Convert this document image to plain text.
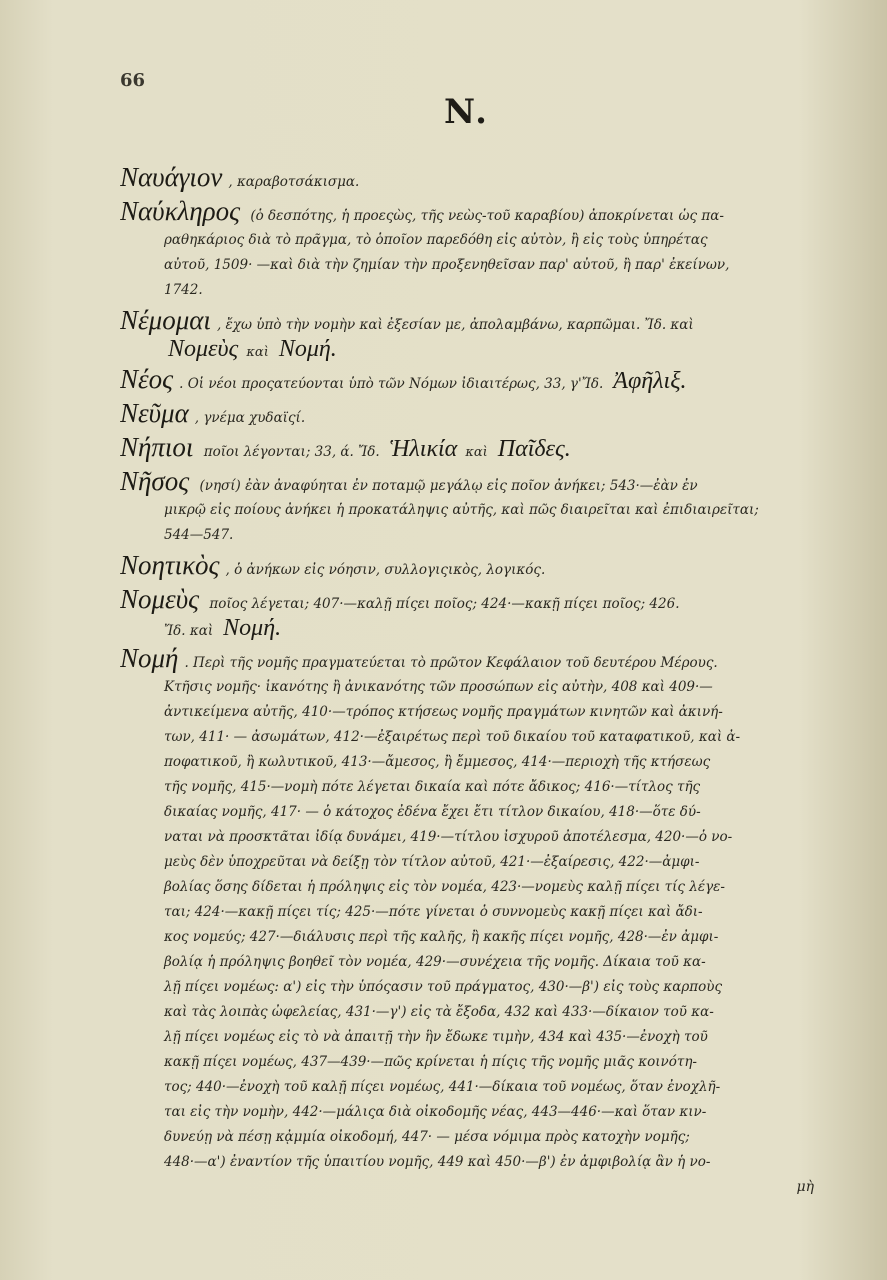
66
Ν.
Ναυάγιον , καραβοτσάκισμα.
Ναύκληρος (ὁ δεσπότης, ἡ προεςὼς, τῆς νεὼς-τοῦ καραβίου) ἀποκρίνεται ὡς πα-
ραθηκάριος διὰ τὸ πρᾶγμα, τὸ ὁποῖον παρεδόθη εἰς αὐτὸν, ἢ εἰς τοὺς ὑπηρέτας
αὐτοῦ, 1509· —καὶ διὰ τὴν ζημίαν τὴν προξενηθεῖσαν παρ' αὐτοῦ, ἢ παρ' ἐκείνων,
1742.
Νέμομαι , ἔχω ὑπὸ τὴν νομὴν καὶ ἐξεσίαν με, ἀπολαμβάνω, καρπῶμαι. Ἴδ. καὶ
Νομεὺς καὶ Νομή.
Νέος . Οἱ νέοι προςατεύονται ὑπὸ τῶν Νόμων ἰδιαιτέρως, 33, γ'Ἴδ. Ἀφῆλιξ.
Νεῦμα , γνέμα χυδαϊςί.
Νήπιοι ποῖοι λέγονται; 33, ά. Ἴδ. Ἡλικία καὶ Παῖδες.
Νῆσος (νησί) ἐὰν ἀναφύηται ἐν ποταμῷ μεγάλῳ εἰς ποῖον ἀνήκει; 543·—ἐὰν ἐν
μικρῷ εἰς ποίους ἀνήκει ἡ προκατάληψις αὐτῆς, καὶ πῶς διαιρεῖται καὶ ἐπιδιαιρεῖται;
544—547.
Νοητικὸς , ὁ ἀνήκων εἰς νόησιν, συλλογιςικὸς, λογικός.
Νομεὺς ποῖος λέγεται; 407·—καλῇ πίςει ποῖος; 424·—κακῇ πίςει ποῖος; 426.
Ἴδ. καὶ Νομή.
Νομή . Περὶ τῆς νομῆς πραγματεύεται τὸ πρῶτον Κεφάλαιον τοῦ δευτέρου Μέρους.
Κτῆσις νομῆς· ἱκανότης ἢ ἀνικανότης τῶν προσώπων εἰς αὐτὴν, 408 καὶ 409·—
ἀντικείμενα αὐτῆς, 410·—τρόπος κτήσεως νομῆς πραγμάτων κινητῶν καὶ ἀκινή-
των, 411· — ἀσωμάτων, 412·—ἐξαιρέτως περὶ τοῦ δικαίου τοῦ καταφατικοῦ, καὶ ἀ-
ποφατικοῦ, ἢ κωλυτικοῦ, 413·—ἄμεσος, ἢ ἔμμεσος, 414·—περιοχὴ τῆς κτήσεως
τῆς νομῆς, 415·—νομὴ πότε λέγεται δικαία καὶ πότε ἄδικος; 416·—τίτλος τῆς
δικαίας νομῆς, 417· — ὁ κάτοχος ἐδένα ἔχει ἔτι τίτλον δικαίου, 418·—ὅτε δύ-
ναται νὰ προσκτᾶται ἰδίᾳ δυνάμει, 419·—τίτλου ἰσχυροῦ ἀποτέλεσμα, 420·—ὁ νο-
μεὺς δὲν ὑποχρεῦται νὰ δείξῃ τὸν τίτλον αὐτοῦ, 421·—ἐξαίρεσις, 422·—ἀμφι-
βολίας ὅσης δίδεται ἡ πρόληψις εἰς τὸν νομέα, 423·—νομεὺς καλῇ πίςει τίς λέγε-
ται; 424·—κακῇ πίςει τίς; 425·—πότε γίνεται ὁ συννομεὺς κακῇ πίςει καὶ ἄδι-
κος νομεύς; 427·—διάλυσις περὶ τῆς καλῆς, ἢ κακῆς πίςει νομῆς, 428·—ἐν ἀμφι-
βολίᾳ ἡ πρόληψις βοηθεῖ τὸν νομέα, 429·—συνέχεια τῆς νομῆς. Δίκαια τοῦ κα-
λῇ πίςει νομέως: α') εἰς τὴν ὑπόςασιν τοῦ πράγματος, 430·—β') εἰς τοὺς καρποὺς
καὶ τὰς λοιπὰς ὠφελείας, 431·—γ') εἰς τὰ ἔξοδα, 432 καὶ 433·—δίκαιον τοῦ κα-
λῇ πίςει νομέως εἰς τὸ νὰ ἀπαιτῇ τὴν ἣν ἔδωκε τιμὴν, 434 καὶ 435·—ἐνοχὴ τοῦ
κακῇ πίςει νομέως, 437—439·—πῶς κρίνεται ἡ πίςις τῆς νομῆς μιᾶς κοινότη-
τος; 440·—ἐνοχὴ τοῦ καλῇ πίςει νομέως, 441·—δίκαια τοῦ νομέως, ὅταν ἐνοχλῆ-
ται εἰς τὴν νομὴν, 442·—μάλιςα διὰ οἰκοδομῆς νέας, 443—446·—καὶ ὅταν κιν-
δυνεύῃ νὰ πέσῃ κᾀμμία οἰκοδομή, 447· — μέσα νόμιμα πρὸς κατοχὴν νομῆς;
448·—α') ἐναντίον τῆς ὑπαιτίου νομῆς, 449 καὶ 450·—β') ἐν ἀμφιβολίᾳ ἂν ἡ νο-
μὴ
